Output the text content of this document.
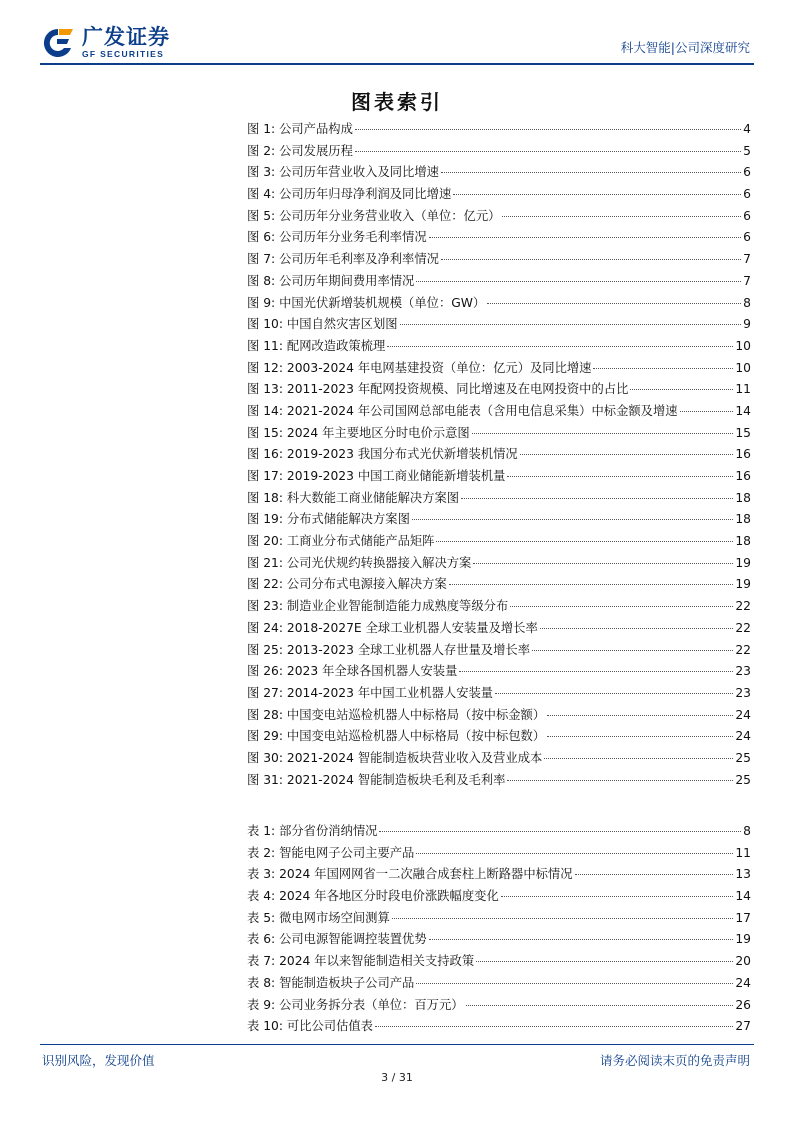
广发证券
GF SECURITIES	科大智能|公司深度研究
图表索引
图 1: 公司产品构成	4
图 2: 公司发展历程	5
图 3: 公司历年营业收入及同比增速	6
图 4: 公司历年归母净利润及同比增速	6
图 5: 公司历年分业务营业收入（单位：亿元）	6
图 6: 公司历年分业务毛利率情况	6
图 7: 公司历年毛利率及净利率情况	7
图 8: 公司历年期间费用率情况	7
图 9: 中国光伏新增装机规模（单位：GW）	8
图 10: 中国自然灾害区划图	9
图 11: 配网改造政策梳理	10
图 12: 2003-2024 年电网基建投资（单位：亿元）及同比增速	10
图 13: 2011-2023 年配网投资规模、同比增速及在电网投资中的占比	11
图 14: 2021-2024 年公司国网总部电能表（含用电信息采集）中标金额及增速	14
图 15: 2024 年主要地区分时电价示意图	15
图 16: 2019-2023 我国分布式光伏新增装机情况	16
图 17: 2019-2023 中国工商业储能新增装机量	16
图 18: 科大数能工商业储能解决方案图	18
图 19: 分布式储能解决方案图	18
图 20: 工商业分布式储能产品矩阵	18
图 21: 公司光伏规约转换器接入解决方案	19
图 22: 公司分布式电源接入解决方案	19
图 23: 制造业企业智能制造能力成熟度等级分布	22
图 24: 2018-2027E 全球工业机器人安装量及增长率	22
图 25: 2013-2023 全球工业机器人存世量及增长率	22
图 26: 2023 年全球各国机器人安装量	23
图 27: 2014-2023 年中国工业机器人安装量	23
图 28: 中国变电站巡检机器人中标格局（按中标金额）	24
图 29: 中国变电站巡检机器人中标格局（按中标包数）	24
图 30: 2021-2024 智能制造板块营业收入及营业成本	25
图 31: 2021-2024 智能制造板块毛利及毛利率	25
表 1: 部分省份消纳情况	8
表 2: 智能电网子公司主要产品	11
表 3: 2024 年国网网省一二次融合成套柱上断路器中标情况	13
表 4: 2024 年各地区分时段电价涨跌幅度变化	14
表 5: 微电网市场空间测算	17
表 6: 公司电源智能调控装置优势	19
表 7: 2024 年以来智能制造相关支持政策	20
表 8: 智能制造板块子公司产品	24
表 9: 公司业务拆分表（单位：百万元）	26
表 10: 可比公司估值表	27
识别风险，发现价值	请务必阅读末页的免责声明
3 / 31
